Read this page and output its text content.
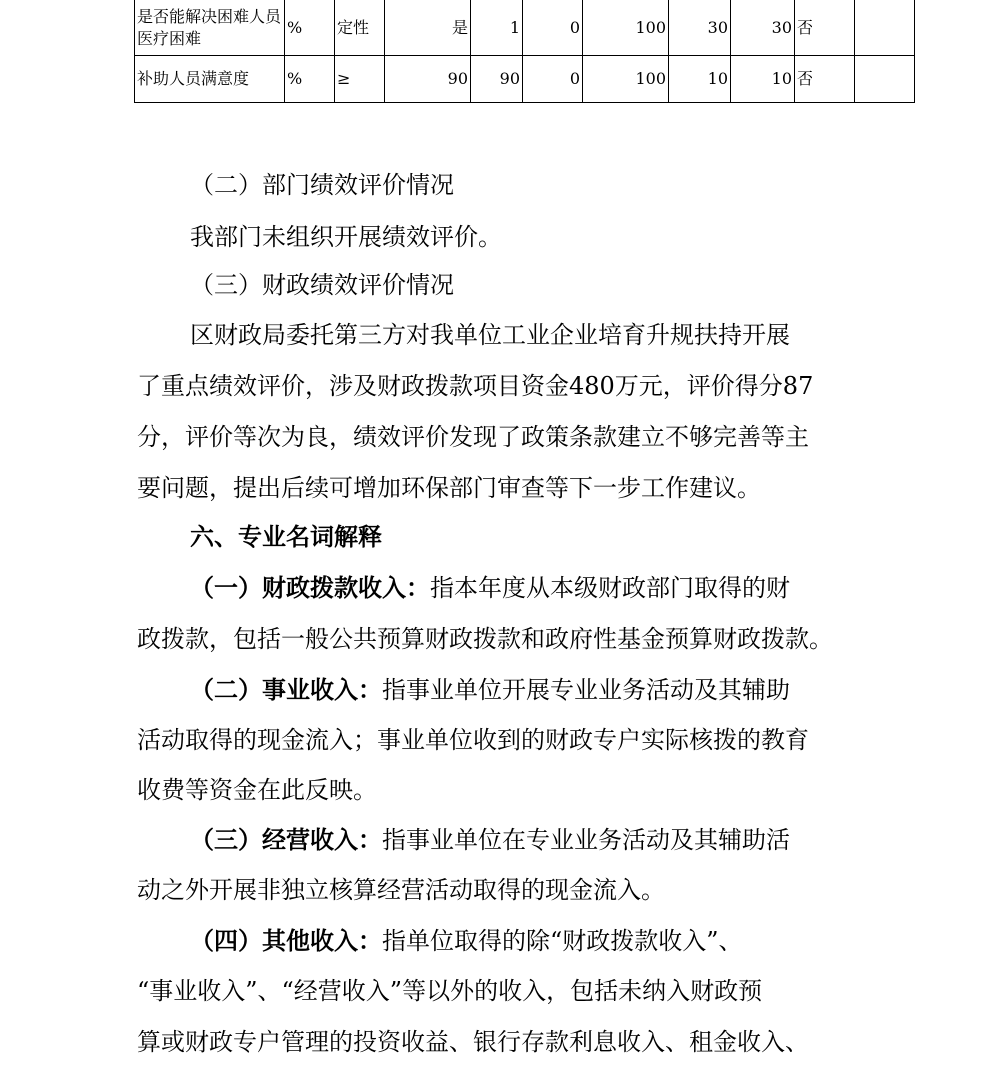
是否能解决困难人员医疗困难	%	定性	是	1	0	100	30	30	否	
补助人员满意度	%	≥	90	90	0	100	10	10	否	
（二）部门绩效评价情况
我部门未组织开展绩效评价。
（三）财政绩效评价情况
区财政局委托第三方对我单位工业企业培育升规扶持开展
了重点绩效评价，涉及财政拨款项目资金480万元，评价得分87
分，评价等次为良，绩效评价发现了政策条款建立不够完善等主
要问题，提出后续可增加环保部门审查等下一步工作建议。
六、专业名词解释
（一）财政拨款收入：指本年度从本级财政部门取得的财
政拨款，包括一般公共预算财政拨款和政府性基金预算财政拨款。
（二）事业收入：指事业单位开展专业业务活动及其辅助
活动取得的现金流入；事业单位收到的财政专户实际核拨的教育
收费等资金在此反映。
（三）经营收入：指事业单位在专业业务活动及其辅助活
动之外开展非独立核算经营活动取得的现金流入。
（四）其他收入：指单位取得的除“财政拨款收入”、
“事业收入”、“经营收入”等以外的收入，包括未纳入财政预
算或财政专户管理的投资收益、银行存款利息收入、租金收入、
